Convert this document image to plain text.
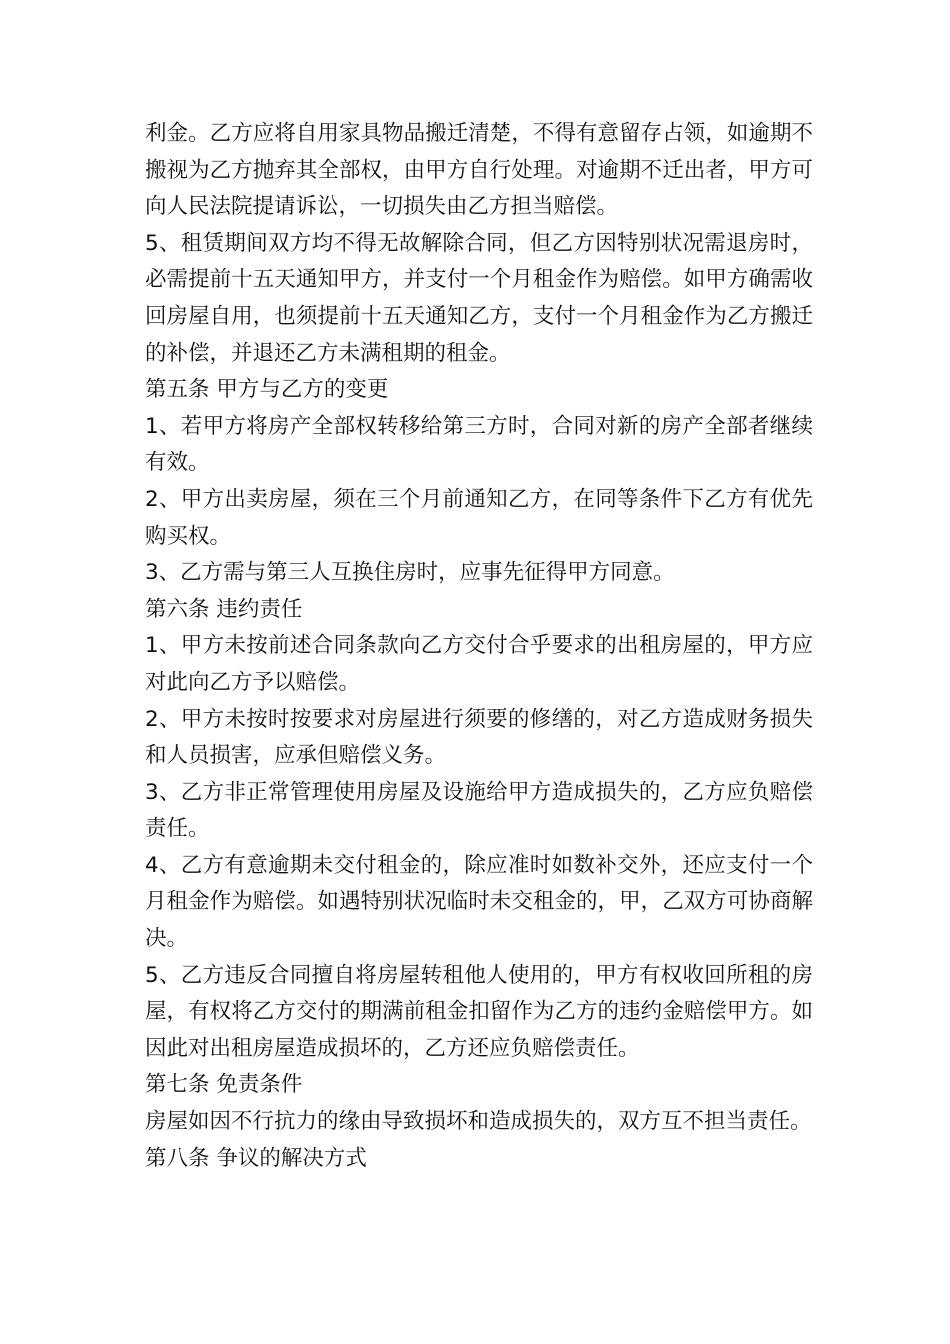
利金。乙方应将自用家具物品搬迁清楚，不得有意留存占领，如逾期不搬视为乙方抛弃其全部权，由甲方自行处理。对逾期不迁出者，甲方可向人民法院提请诉讼，一切损失由乙方担当赔偿。

5、租赁期间双方均不得无故解除合同，但乙方因特别状况需退房时，必需提前十五天通知甲方，并支付一个月租金作为赔偿。如甲方确需收回房屋自用，也须提前十五天通知乙方，支付一个月租金作为乙方搬迁的补偿，并退还乙方未满租期的租金。

第五条 甲方与乙方的变更

1、若甲方将房产全部权转移给第三方时，合同对新的房产全部者继续有效。

2、甲方出卖房屋，须在三个月前通知乙方，在同等条件下乙方有优先购买权。

3、乙方需与第三人互换住房时，应事先征得甲方同意。

第六条 违约责任

1、甲方未按前述合同条款向乙方交付合乎要求的出租房屋的，甲方应对此向乙方予以赔偿。

2、甲方未按时按要求对房屋进行须要的修缮的，对乙方造成财务损失和人员损害，应承但赔偿义务。

3、乙方非正常管理使用房屋及设施给甲方造成损失的，乙方应负赔偿责任。

4、乙方有意逾期未交付租金的，除应准时如数补交外，还应支付一个月租金作为赔偿。如遇特别状况临时未交租金的，甲，乙双方可协商解决。

5、乙方违反合同擅自将房屋转租他人使用的，甲方有权收回所租的房屋，有权将乙方交付的期满前租金扣留作为乙方的违约金赔偿甲方。如因此对出租房屋造成损坏的，乙方还应负赔偿责任。

第七条 免责条件

房屋如因不行抗力的缘由导致损坏和造成损失的，双方互不担当责任。

第八条 争议的解决方式
